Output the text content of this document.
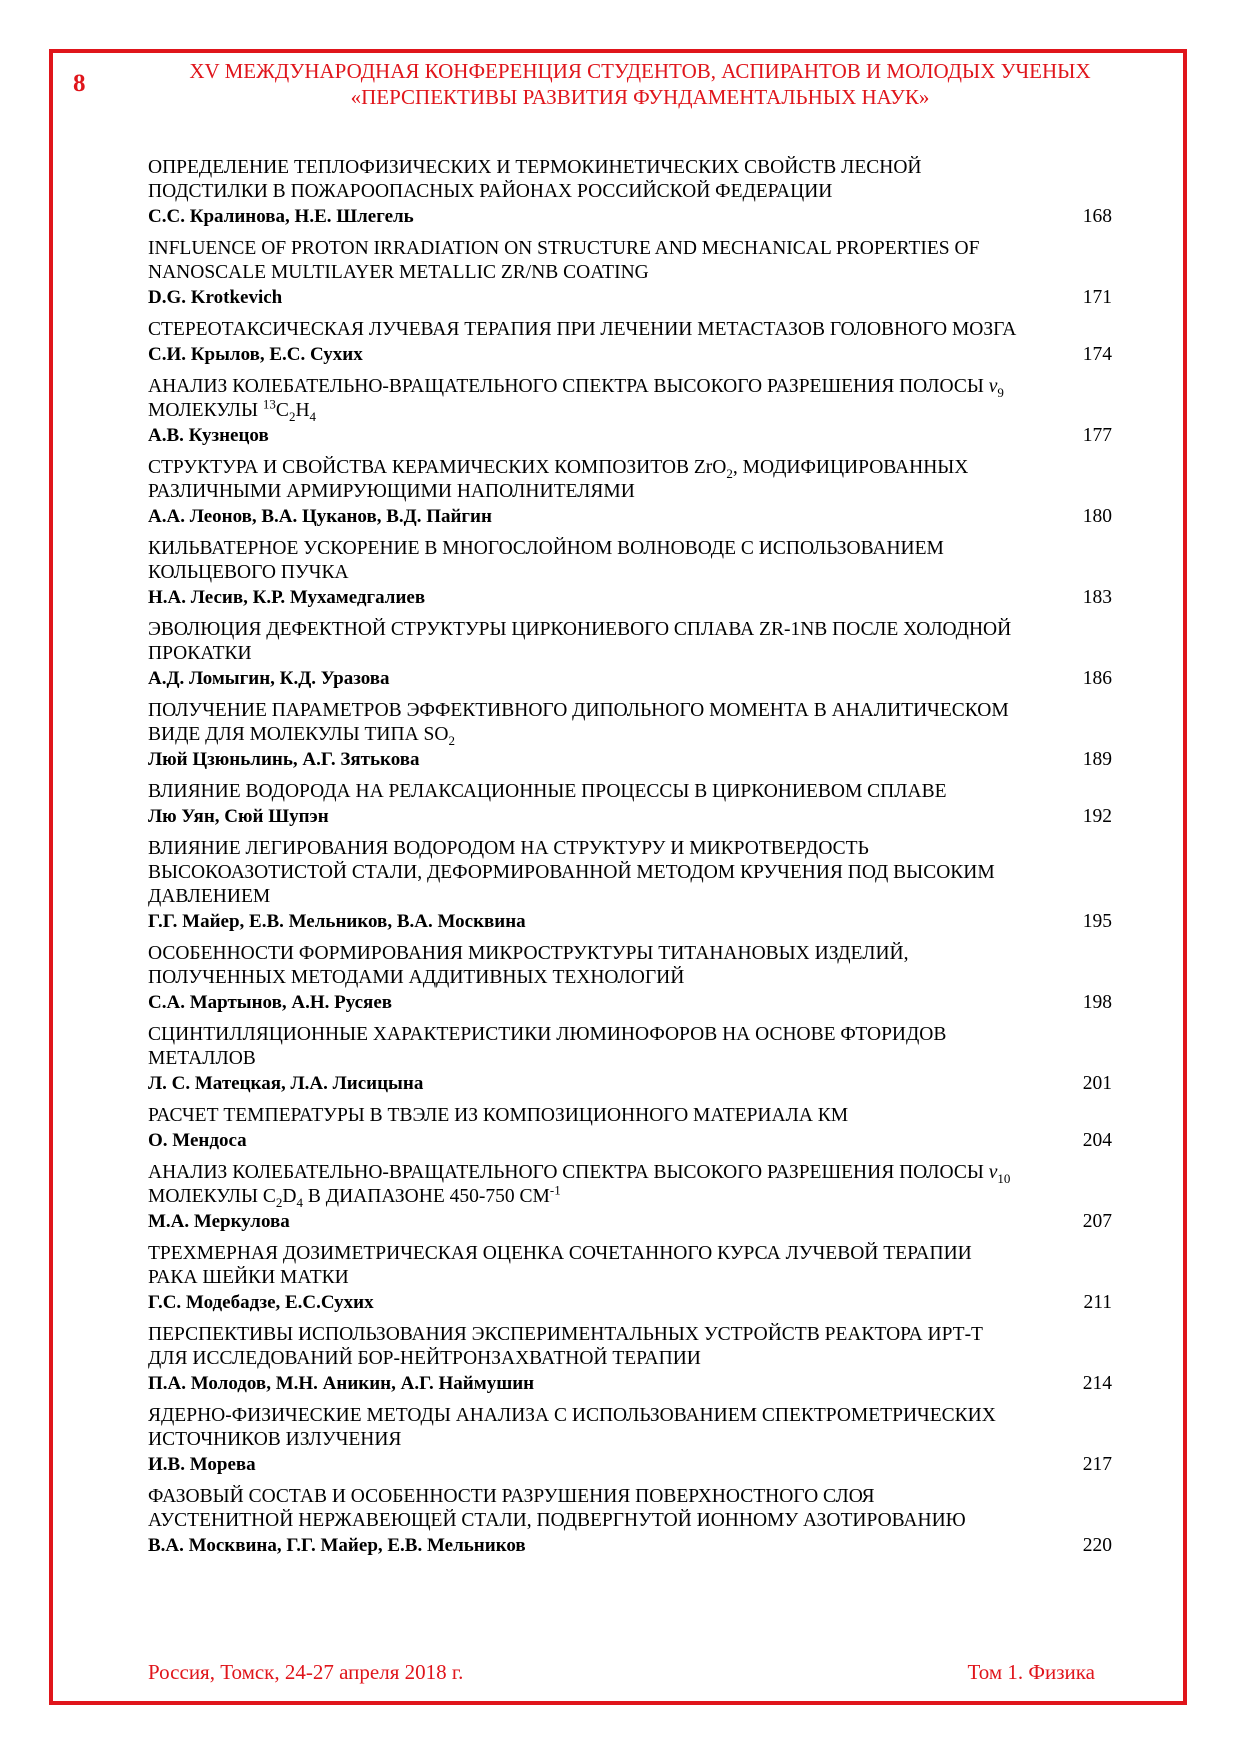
8	XV МЕЖДУНАРОДНАЯ КОНФЕРЕНЦИЯ СТУДЕНТОВ, АСПИРАНТОВ И МОЛОДЫХ УЧЕНЫХ
«ПЕРСПЕКТИВЫ РАЗВИТИЯ ФУНДАМЕНТАЛЬНЫХ НАУК»
ОПРЕДЕЛЕНИЕ ТЕПЛОФИЗИЧЕСКИХ И ТЕРМОКИНЕТИЧЕСКИХ СВОЙСТВ ЛЕСНОЙ ПОДСТИЛКИ В ПОЖАРООПАСНЫХ РАЙОНАХ РОССИЙСКОЙ ФЕДЕРАЦИИ
С.С. Кралинова, Н.Е. Шлегель	168
INFLUENCE OF PROTON IRRADIATION ON STRUCTURE AND MECHANICAL PROPERTIES OF NANOSCALE MULTILAYER METALLIC ZR/NB COATING
D.G. Krotkevich	171
СТЕРЕОТАКСИЧЕСКАЯ ЛУЧЕВАЯ ТЕРАПИЯ ПРИ ЛЕЧЕНИИ МЕТАСТАЗОВ ГОЛОВНОГО МОЗГА
С.И. Крылов, Е.С. Сухих	174
АНАЛИЗ КОЛЕБАТЕЛЬНО-ВРАЩАТЕЛЬНОГО СПЕКТРА ВЫСОКОГО РАЗРЕШЕНИЯ ПОЛОСЫ $\nu_9$ МОЛЕКУЛЫ $^{13}C_2H_4$
А.В. Кузнецов	177
СТРУКТУРА И СВОЙСТВА КЕРАМИЧЕСКИХ КОМПОЗИТОВ ZrO$_2$, МОДИФИЦИРОВАННЫХ РАЗЛИЧНЫМИ АРМИРУЮЩИМИ НАПОЛНИТЕЛЯМИ
А.А. Леонов, В.А. Цуканов, В.Д. Пайгин	180
КИЛЬВАТЕРНОЕ УСКОРЕНИЕ В МНОГОСЛОЙНОМ ВОЛНОВОДЕ С ИСПОЛЬЗОВАНИЕМ КОЛЬЦЕВОГО ПУЧКА
Н.А. Лесив, К.Р. Мухамедгалиев	183
ЭВОЛЮЦИЯ ДЕФЕКТНОЙ СТРУКТУРЫ ЦИРКОНИЕВОГО СПЛАВА ZR-1NB ПОСЛЕ ХОЛОДНОЙ ПРОКАТКИ
А.Д. Ломыгин, К.Д. Уразова	186
ПОЛУЧЕНИЕ ПАРАМЕТРОВ ЭФФЕКТИВНОГО ДИПОЛЬНОГО МОМЕНТА В АНАЛИТИЧЕСКОМ ВИДЕ ДЛЯ МОЛЕКУЛЫ ТИПА $SO_2$
Люй Цзюньлинь, А.Г. Зятькова	189
ВЛИЯНИЕ ВОДОРОДА НА РЕЛАКСАЦИОННЫЕ ПРОЦЕССЫ В ЦИРКОНИЕВОМ СПЛАВЕ
Лю Уян, Сюй Шупэн	192
ВЛИЯНИЕ ЛЕГИРОВАНИЯ ВОДОРОДОМ НА СТРУКТУРУ И МИКРОТВЕРДОСТЬ ВЫСОКОАЗОТИСТОЙ СТАЛИ, ДЕФОРМИРОВАННОЙ МЕТОДОМ КРУЧЕНИЯ ПОД ВЫСОКИМ ДАВЛЕНИЕМ
Г.Г. Майер, Е.В. Мельников, В.А. Москвина	195
ОСОБЕННОСТИ ФОРМИРОВАНИЯ МИКРОСТРУКТУРЫ ТИТАНАНОВЫХ ИЗДЕЛИЙ, ПОЛУЧЕННЫХ МЕТОДАМИ АДДИТИВНЫХ ТЕХНОЛОГИЙ
С.А. Мартынов, А.Н. Русяев	198
СЦИНТИЛЛЯЦИОННЫЕ ХАРАКТЕРИСТИКИ ЛЮМИНОФОРОВ НА ОСНОВЕ ФТОРИДОВ МЕТАЛЛОВ
Л. С. Матецкая, Л.А. Лисицына	201
РАСЧЕТ ТЕМПЕРАТУРЫ В ТВЭЛЕ ИЗ КОМПОЗИЦИОННОГО МАТЕРИАЛА КМ
О. Мендоса	204
АНАЛИЗ КОЛЕБАТЕЛЬНО-ВРАЩАТЕЛЬНОГО СПЕКТРА ВЫСОКОГО РАЗРЕШЕНИЯ ПОЛОСЫ $\nu_{10}$ МОЛЕКУЛЫ $C_2D_4$ В ДИАПАЗОНЕ 450-750 $СМ^{-1}$
М.А. Меркулова	207
ТРЕХМЕРНАЯ ДОЗИМЕТРИЧЕСКАЯ ОЦЕНКА СОЧЕТАННОГО КУРСА ЛУЧЕВОЙ ТЕРАПИИ РАКА ШЕЙКИ МАТКИ
Г.С. Модебадзе, Е.С.Сухих	211
ПЕРСПЕКТИВЫ ИСПОЛЬЗОВАНИЯ ЭКСПЕРИМЕНТАЛЬНЫХ УСТРОЙСТВ РЕАКТОРА ИРТ-Т ДЛЯ ИССЛЕДОВАНИЙ БОР-НЕЙТРОНЗАХВАТНОЙ ТЕРАПИИ
П.А. Молодов, М.Н. Аникин, А.Г. Наймушин	214
ЯДЕРНО-ФИЗИЧЕСКИЕ МЕТОДЫ АНАЛИЗА С ИСПОЛЬЗОВАНИЕМ СПЕКТРОМЕТРИЧЕСКИХ ИСТОЧНИКОВ ИЗЛУЧЕНИЯ
И.В. Морева	217
ФАЗОВЫЙ СОСТАВ И ОСОБЕННОСТИ РАЗРУШЕНИЯ ПОВЕРХНОСТНОГО СЛОЯ АУСТЕНИТНОЙ НЕРЖАВЕЮЩЕЙ СТАЛИ, ПОДВЕРГНУТОЙ ИОННОМУ АЗОТИРОВАНИЮ
В.А. Москвина, Г.Г. Майер, Е.В. Мельников	220
Россия, Томск, 24-27 апреля 2018 г.	Том 1. Физика
